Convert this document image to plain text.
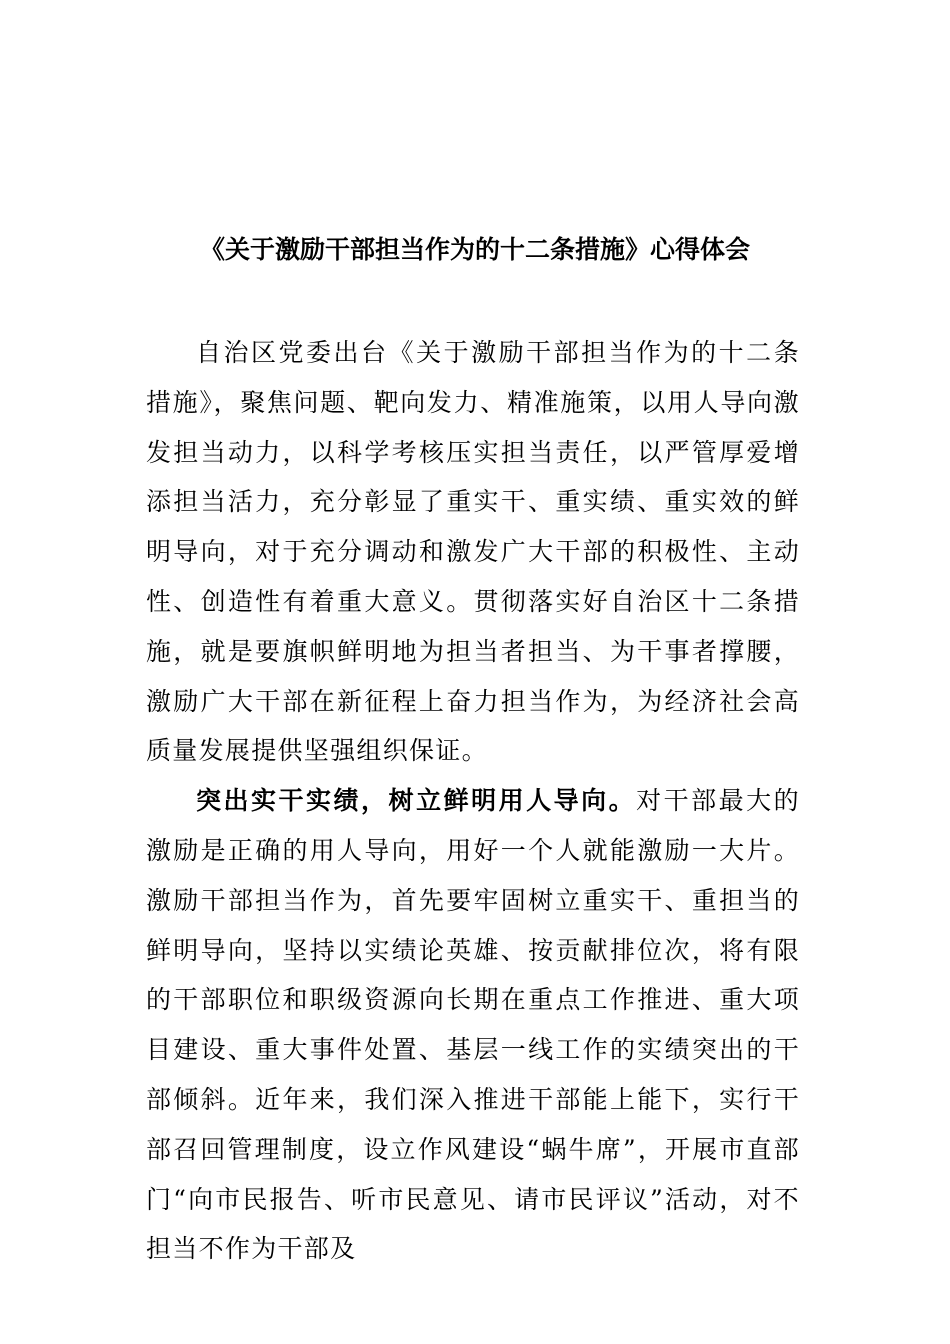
《关于激励干部担当作为的十二条措施》心得体会

自治区党委出台《关于激励干部担当作为的十二条措施》，聚焦问题、靶向发力、精准施策，以用人导向激发担当动力，以科学考核压实担当责任，以严管厚爱增添担当活力，充分彰显了重实干、重实绩、重实效的鲜明导向，对于充分调动和激发广大干部的积极性、主动性、创造性有着重大意义。贯彻落实好自治区十二条措施，就是要旗帜鲜明地为担当者担当、为干事者撑腰，激励广大干部在新征程上奋力担当作为，为经济社会高质量发展提供坚强组织保证。

突出实干实绩，树立鲜明用人导向。对干部最大的激励是正确的用人导向，用好一个人就能激励一大片。激励干部担当作为，首先要牢固树立重实干、重担当的鲜明导向，坚持以实绩论英雄、按贡献排位次，将有限的干部职位和职级资源向长期在重点工作推进、重大项目建设、重大事件处置、基层一线工作的实绩突出的干部倾斜。近年来，我们深入推进干部能上能下，实行干部召回管理制度，设立作风建设“蜗牛席”，开展市直部门“向市民报告、听市民意见、请市民评议”活动，对不担当不作为干部及
